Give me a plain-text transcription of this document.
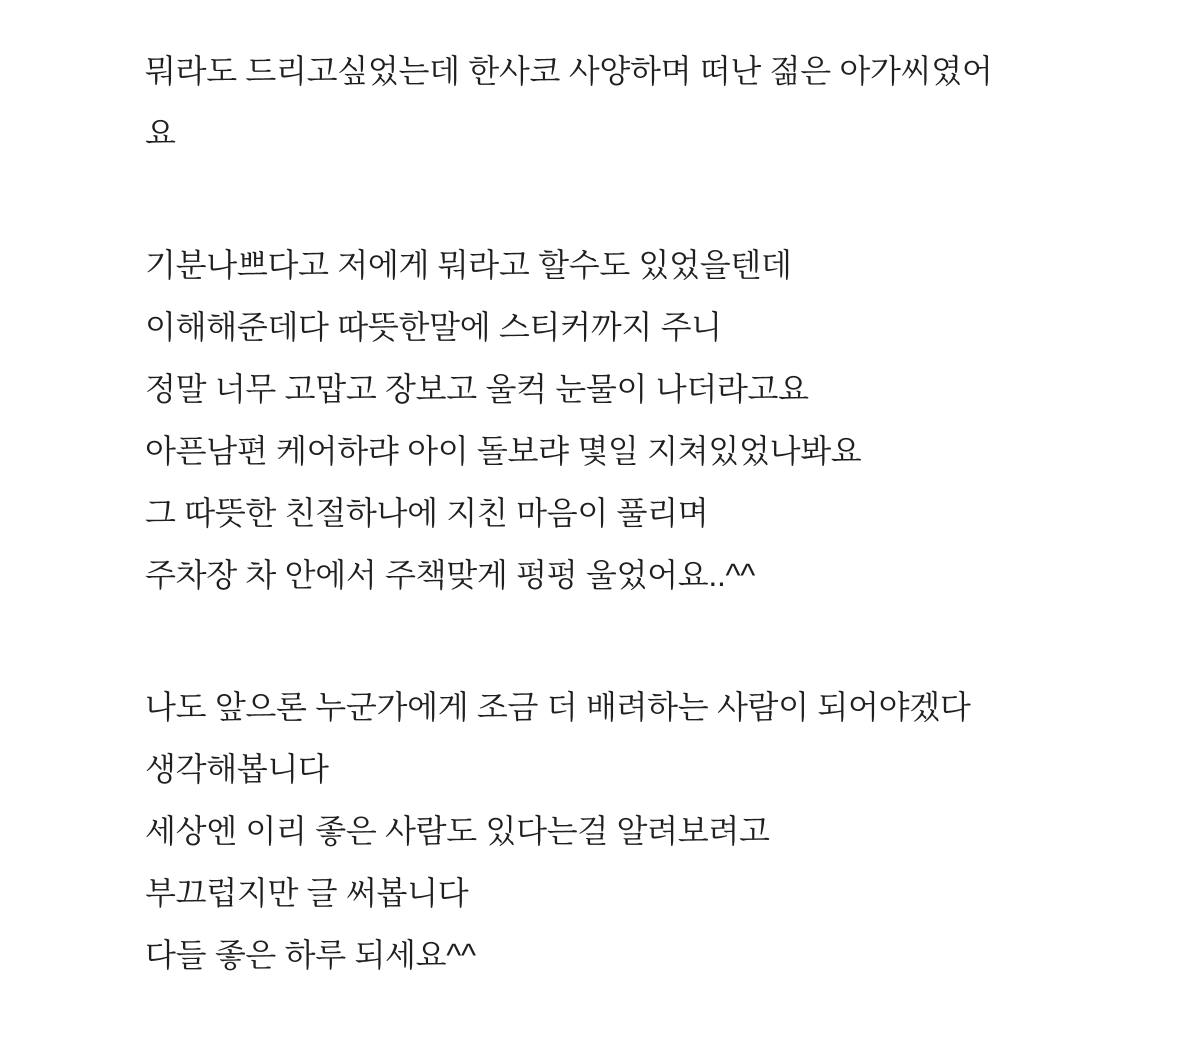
뭐라도 드리고싶었는데 한사코 사양하며 떠난 젊은 아가씨였어
요
기분나쁘다고 저에게 뭐라고 할수도 있었을텐데
이해해준데다 따뜻한말에 스티커까지 주니
정말 너무 고맙고 장보고 울컥 눈물이 나더라고요
아픈남편 케어하랴 아이 돌보랴 몇일 지쳐있었나봐요
그 따뜻한 친절하나에 지친 마음이 풀리며
주차장 차 안에서 주책맞게 펑펑 울었어요..^^
나도 앞으론 누군가에게 조금 더 배려하는 사람이 되어야겠다
생각해봅니다
세상엔 이리 좋은 사람도 있다는걸 알려보려고
부끄럽지만 글 써봅니다
다들 좋은 하루 되세요^^
